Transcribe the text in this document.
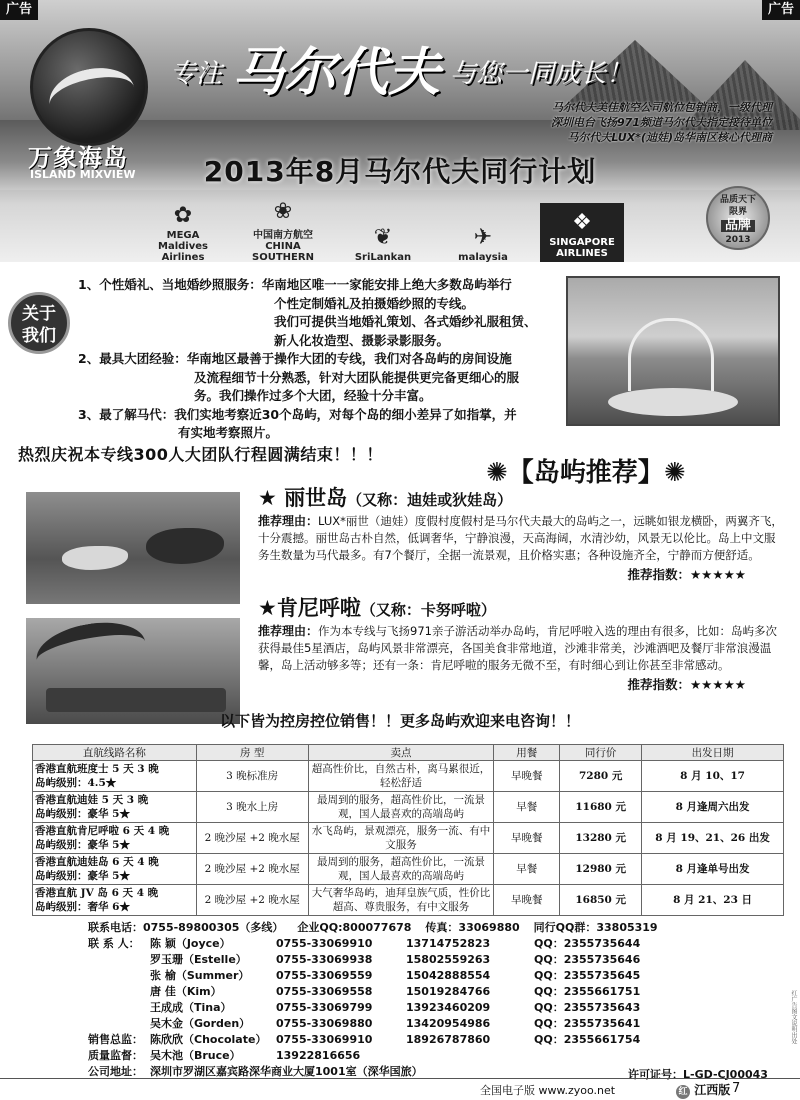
广告	广告
万象海岛
ISLAND MIXVIEW
专注 马尔代夫 与您一同成长！
马尔代夫美佳航空公司航位包销商，一级代理
深圳电台飞扬971频道马尔代夫指定接待单位
马尔代夫LUX*(迪娃)岛华南区核心代理商
2013年8月马尔代夫同行计划
✿
MEGA Maldives Airlines
❀
中国南方航空 CHINA SOUTHERN
❦
SriLankan
✈
malaysia
❖
SINGAPORE AIRLINES
品质天下
限界
品牌
2013
关于
我们
1、个性婚礼、当地婚纱照服务：华南地区唯一一家能安排上绝大多数岛屿举行
个性定制婚礼及拍摄婚纱照的专线。
我们可提供当地婚礼策划、各式婚纱礼服租赁、
新人化妆造型、摄影录影服务。
2、最具大团经验：华南地区最善于操作大团的专线，我们对各岛屿的房间设施
及流程细节十分熟悉，针对大团队能提供更完备更细心的服
务。我们操作过多个大团，经验十分丰富。
3、最了解马代：我们实地考察近30个岛屿，对每个岛的细小差异了如指掌，并
有实地考察照片。
热烈庆祝本专线300人大团队行程圆满结束！！！
✺【岛屿推荐】✺
★ 丽世岛（又称：迪娃或狄娃岛）
推荐理由：LUX*丽世（迪娃）度假村度假村是马尔代夫最大的岛屿之一，远眺如银龙横卧，两翼齐飞，十分震撼。丽世岛古朴自然，低调奢华，宁静浪漫，天高海阔，水清沙幼，风景无以伦比。岛上中文服务生数量为马代最多。有7个餐厅，全据一流景观，且价格实惠；各种设施齐全，宁静而方便舒适。
推荐指数：★★★★★
★肯尼呼啦（又称：卡努呼啦）
推荐理由：作为本专线与飞扬971亲子游活动举办岛屿，肯尼呼啦入选的理由有很多，比如：岛屿多次获得最佳5星酒店，岛屿风景非常漂亮，各国美食非常地道，沙滩非常美，沙滩酒吧及餐厅非常浪漫温馨，岛上活动够多等；还有一条：肯尼呼啦的服务无微不至，有时细心到让你甚至非常感动。
推荐指数：★★★★★
以下皆为控房控位销售！！更多岛屿欢迎来电咨询！！
直航线路名称	房 型	卖点	用餐	同行价	出发日期

香港直航班度士 5 天 3 晚
岛屿级别：4.5★	3 晚标准房	超高性价比，自然古朴，离马累很近，轻松舒适	早晚餐	7280 元	8 月 10、17

香港直航迪娃 5 天 3 晚
岛屿级别：豪华 5★	3 晚水上房	最周到的服务，超高性价比，一流景观，国人最喜欢的高端岛屿	早餐	11680 元	8 月逢周六出发

香港直航肯尼呼啦 6 天 4 晚
岛屿级别：豪华 5★	2 晚沙屋 +2 晚水屋	水飞岛屿，景观漂亮，服务一流、有中文服务	早晚餐	13280 元	8 月 19、21、26 出发

香港直航迪娃岛 6 天 4 晚
岛屿级别：豪华 5★	2 晚沙屋 +2 晚水屋	最周到的服务，超高性价比，一流景观，国人最喜欢的高端岛屿	早餐	12980 元	8 月逢单号出发

香港直航 JV 岛 6 天 4 晚
岛屿级别：奢华 6★	2 晚沙屋 +2 晚水屋	大气奢华岛屿，迪拜皇族气质，性价比超高、尊贵服务，有中文服务	早晚餐	16850 元	8 月 21、23 日
联系电话：0755-89800305（多线） 企业QQ:800077678 传真：33069880 同行QQ群：33805319
联 系 人： 陈 颖（Joyce）	0755-33069910	13714752823	QQ：2355735644
罗玉珊（Estelle）	0755-33069938	15802559263	QQ：2355735646
张 榆（Summer）	0755-33069559	15042888554	QQ：2355735645
唐 佳（Kim）	0755-33069558	15019284766	QQ：2355661751
王成成（Tina）	0755-33069799	13923460209	QQ：2355735643
吴木金（Gorden）	0755-33069880	13420954986	QQ：2355735641
销售总监： 陈欣欣（Chocolate） 0755-33069910	18926787860	QQ：2355661754
质量监督： 吴木池（Bruce）	13922816656
公司地址： 深圳市罗湖区嘉宾路深华商业大厦1001室（深华国旅）	许可证号：L-GD-CJ00043
全国电子版 www.zyoo.net	红 江西版 7
红广告图文说明出处
